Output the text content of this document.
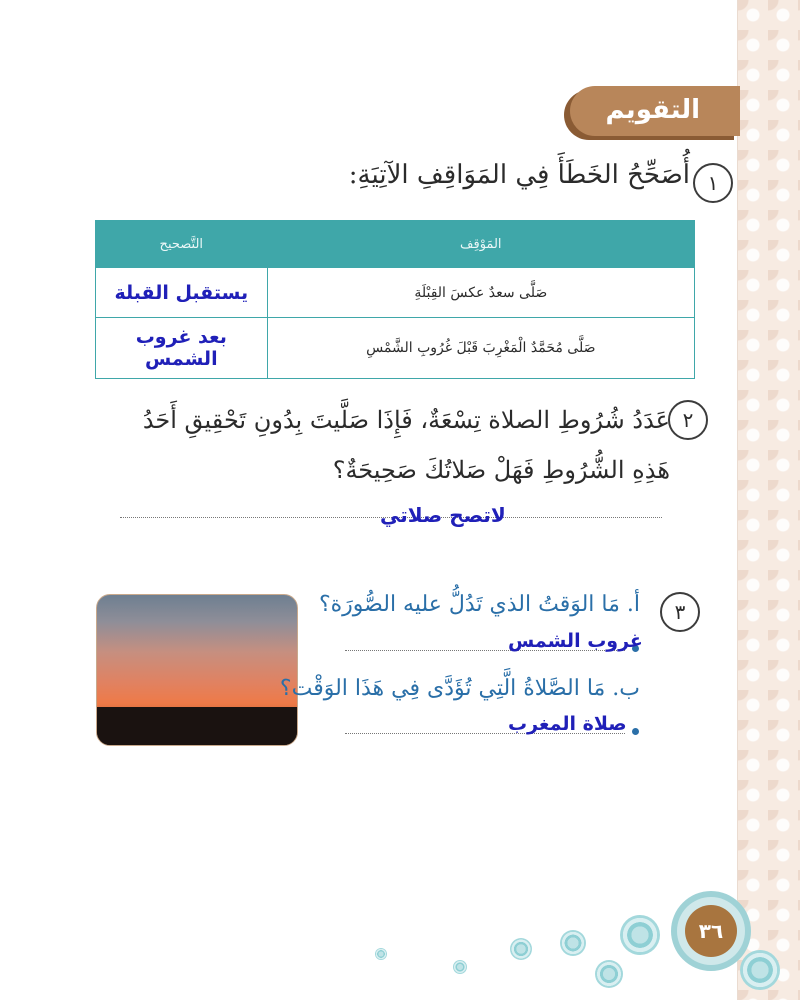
التقويم
١
أُصَحِّحُ الخَطَأَ فِي المَوَاقِفِ الآتِيَةِ:
المَوْقِف	التَّصحيح
صَلَّى سعدٌ عكسَ القِبْلَةِ	يستقبل القبلة
صَلَّى مُحَمَّدٌ الْمَغْرِبَ قَبْلَ غُرُوبِ الشَّمْسِ	بعد غروب الشمس
٢
عَدَدُ شُرُوطِ الصلاة تِسْعَةٌ، فَإِذَا صَلَّيتَ بِدُونِ تَحْقِيقِ أَحَدُ هَذِهِ الشُّرُوطِ فَهَلْ صَلاتُكَ صَحِيحَةٌ؟
لاتصح صلاتي
٣
أ. مَا الوَقتُ الذي تَدُلُّ عليه الصُّورَة؟
غروب الشمس
ب. مَا الصَّلاةُ الَّتِي تُؤَدَّى فِي هَذَا الوَقْت؟
صلاة المغرب
٣٦
